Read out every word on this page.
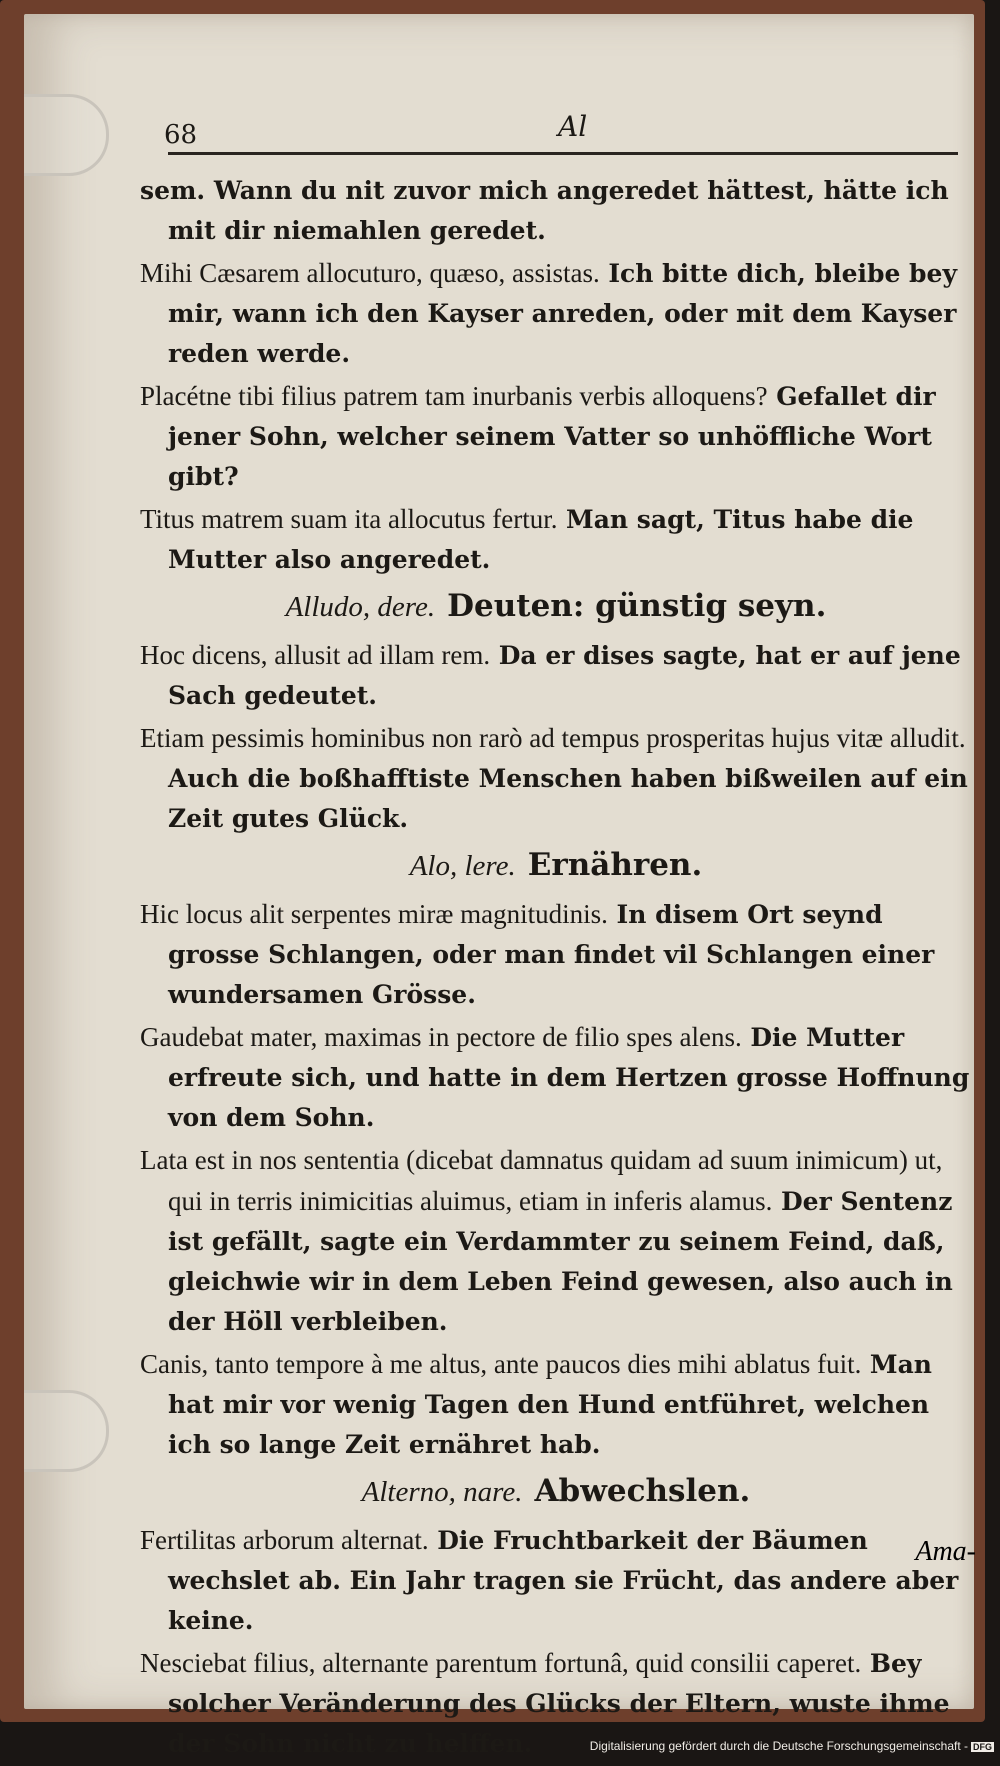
68	Al

sem. Wann du nit zuvor mich angeredet hättest, hätte ich mit dir niemahlen geredet.

Mihi Cæsarem allocuturo, quæso, assistas. Ich bitte dich, bleibe bey mir, wann ich den Kayser anreden, oder mit dem Kayser reden werde.

Placétne tibi filius patrem tam inurbanis verbis alloquens? Gefallet dir jener Sohn, welcher seinem Vatter so unhöffliche Wort gibt?

Titus matrem suam ita allocutus fertur. Man sagt, Titus habe die Mutter also angeredet.

Alludo, dere. Deuten: günstig seyn.

Hoc dicens, allusit ad illam rem. Da er dises sagte, hat er auf jene Sach gedeutet.

Etiam pessimis hominibus non rarò ad tempus prosperitas hujus vitæ alludit. Auch die boßhafftiste Menschen haben bißweilen auf ein Zeit gutes Glück.

Alo, lere. Ernähren.

Hic locus alit serpentes miræ magnitudinis. In disem Ort seynd grosse Schlangen, oder man findet vil Schlangen einer wundersamen Grösse.

Gaudebat mater, maximas in pectore de filio spes alens. Die Mutter erfreute sich, und hatte in dem Hertzen grosse Hoffnung von dem Sohn.

Lata est in nos sententia (dicebat damnatus quidam ad suum inimicum) ut, qui in terris inimicitias aluimus, etiam in inferis alamus. Der Sentenz ist gefällt, sagte ein Verdammter zu seinem Feind, daß, gleichwie wir in dem Leben Feind gewesen, also auch in der Höll verbleiben.

Canis, tanto tempore à me altus, ante paucos dies mihi ablatus fuit. Man hat mir vor wenig Tagen den Hund entführet, welchen ich so lange Zeit ernähret hab.

Alterno, nare. Abwechslen.

Fertilitas arborum alternat. Die Fruchtbarkeit der Bäumen wechslet ab. Ein Jahr tragen sie Frücht, das andere aber keine.

Nesciebat filius, alternante parentum fortunâ, quid consilii caperet. Bey solcher Veränderung des Glücks der Eltern, wuste ihme der Sohn nicht zu helffen.

Ama-
Digitalisierung gefördert durch die Deutsche Forschungsgemeinschaft - DFG
